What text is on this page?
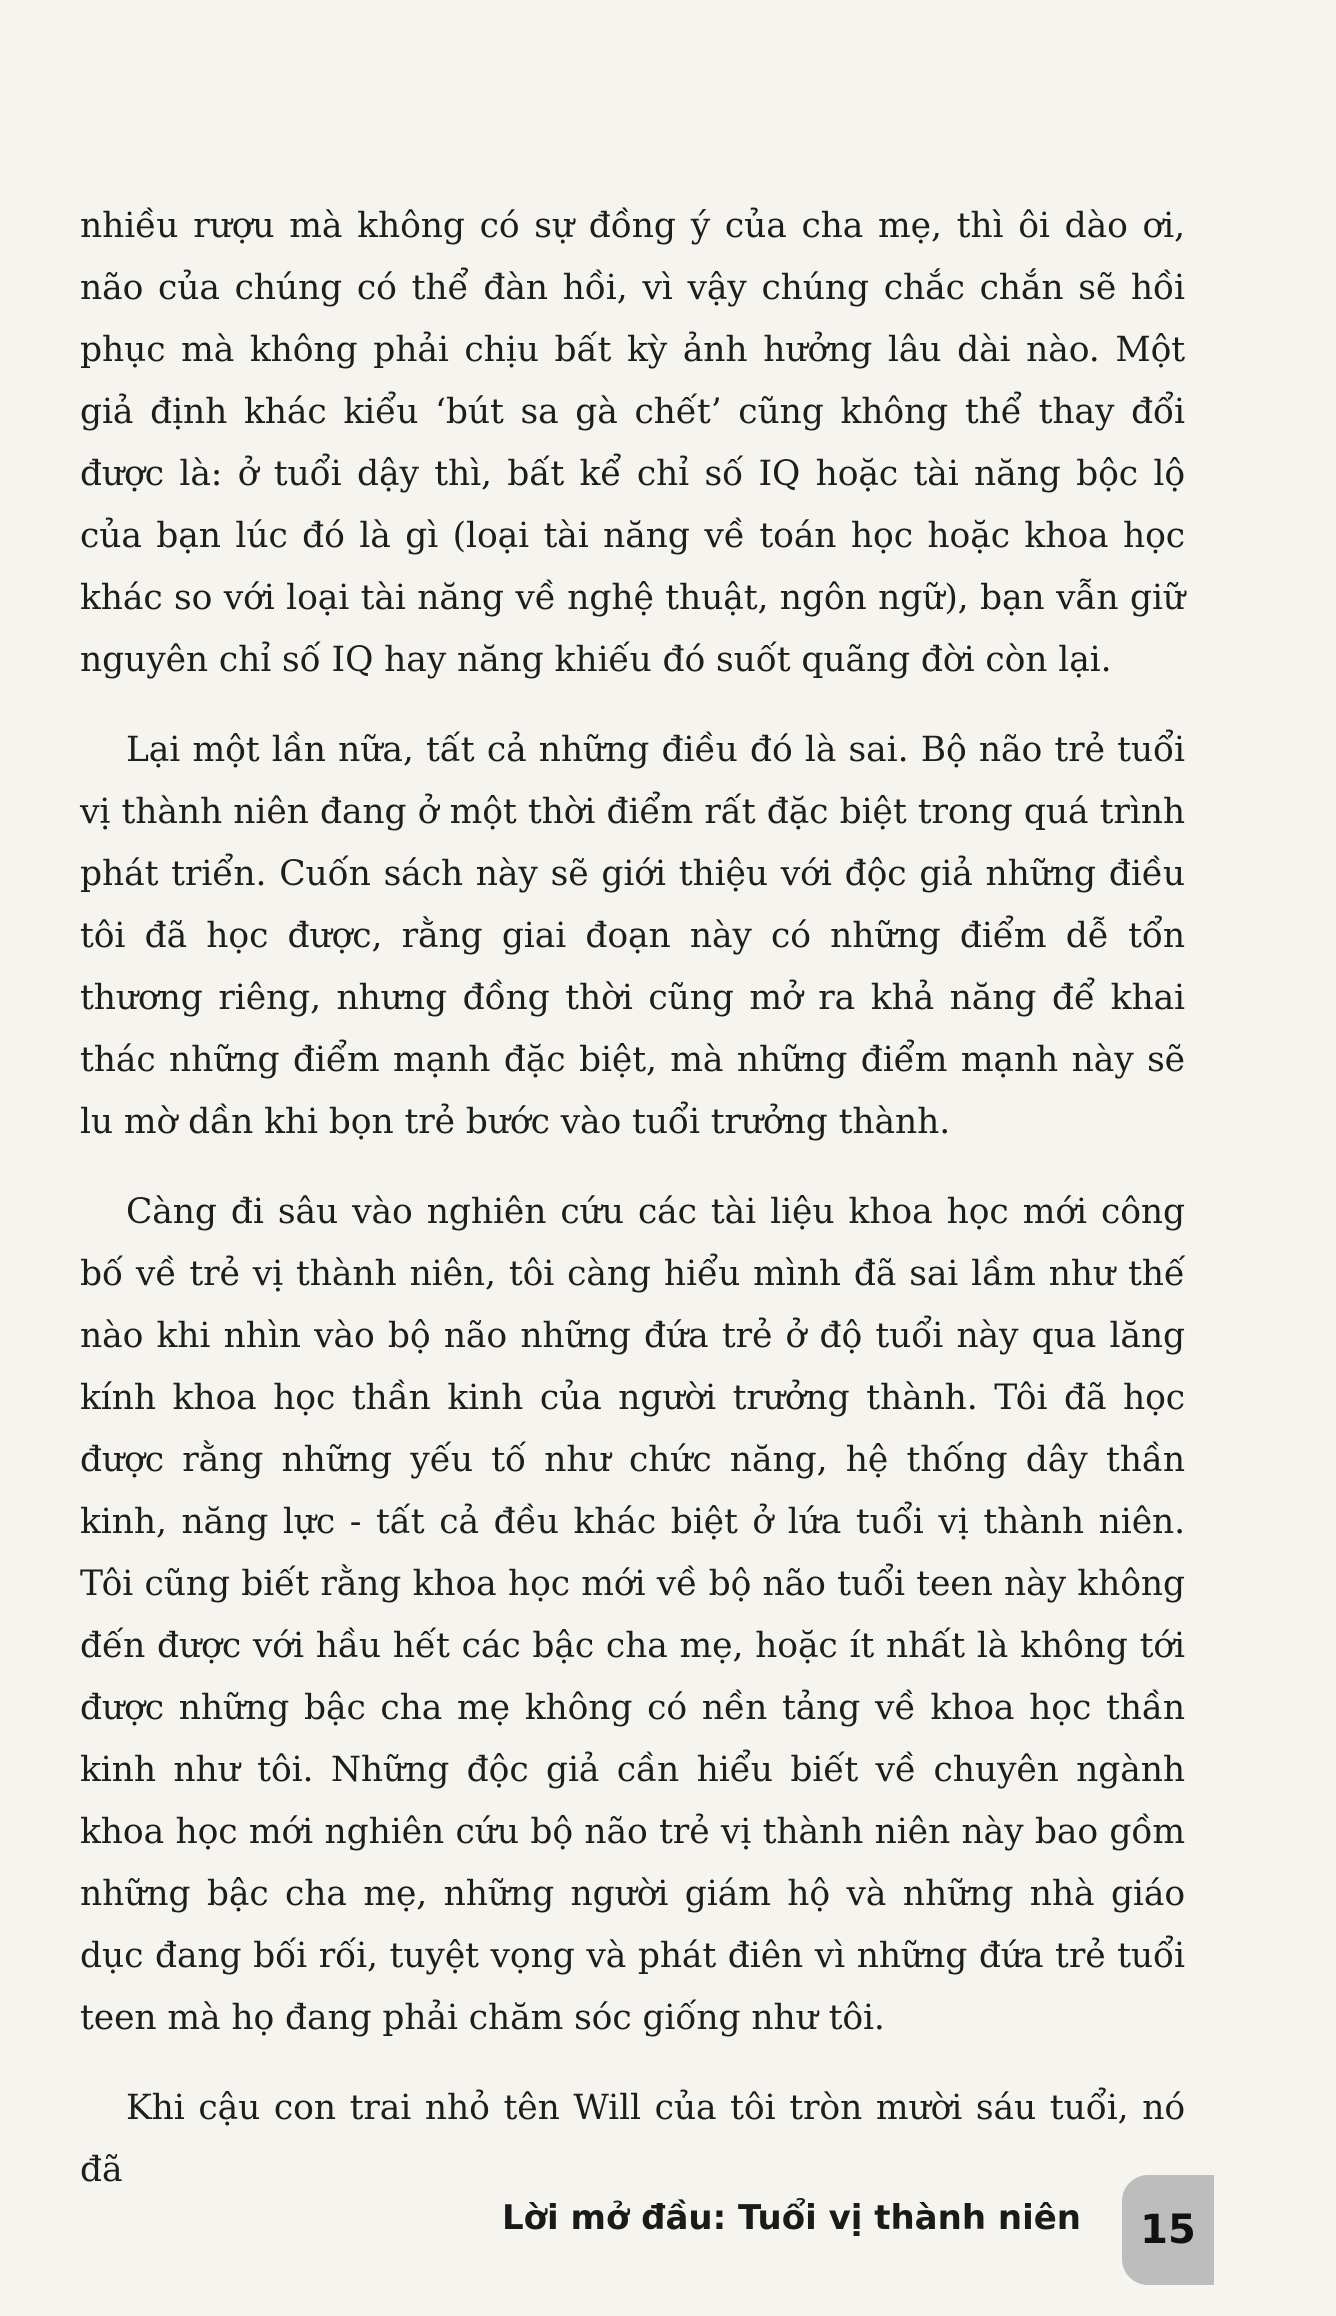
nhiều rượu mà không có sự đồng ý của cha mẹ, thì ôi dào ơi, não của chúng có thể đàn hồi, vì vậy chúng chắc chắn sẽ hồi phục mà không phải chịu bất kỳ ảnh hưởng lâu dài nào. Một giả định khác kiểu ‘bút sa gà chết’ cũng không thể thay đổi được là: ở tuổi dậy thì, bất kể chỉ số IQ hoặc tài năng bộc lộ của bạn lúc đó là gì (loại tài năng về toán học hoặc khoa học khác so với loại tài năng về nghệ thuật, ngôn ngữ), bạn vẫn giữ nguyên chỉ số IQ hay năng khiếu đó suốt quãng đời còn lại.

Lại một lần nữa, tất cả những điều đó là sai. Bộ não trẻ tuổi vị thành niên đang ở một thời điểm rất đặc biệt trong quá trình phát triển. Cuốn sách này sẽ giới thiệu với độc giả những điều tôi đã học được, rằng giai đoạn này có những điểm dễ tổn thương riêng, nhưng đồng thời cũng mở ra khả năng để khai thác những điểm mạnh đặc biệt, mà những điểm mạnh này sẽ lu mờ dần khi bọn trẻ bước vào tuổi trưởng thành.

Càng đi sâu vào nghiên cứu các tài liệu khoa học mới công bố về trẻ vị thành niên, tôi càng hiểu mình đã sai lầm như thế nào khi nhìn vào bộ não những đứa trẻ ở độ tuổi này qua lăng kính khoa học thần kinh của người trưởng thành. Tôi đã học được rằng những yếu tố như chức năng, hệ thống dây thần kinh, năng lực - tất cả đều khác biệt ở lứa tuổi vị thành niên. Tôi cũng biết rằng khoa học mới về bộ não tuổi teen này không đến được với hầu hết các bậc cha mẹ, hoặc ít nhất là không tới được những bậc cha mẹ không có nền tảng về khoa học thần kinh như tôi. Những độc giả cần hiểu biết về chuyên ngành khoa học mới nghiên cứu bộ não trẻ vị thành niên này bao gồm những bậc cha mẹ, những người giám hộ và những nhà giáo dục đang bối rối, tuyệt vọng và phát điên vì những đứa trẻ tuổi teen mà họ đang phải chăm sóc giống như tôi.

Khi cậu con trai nhỏ tên Will của tôi tròn mười sáu tuổi, nó đã

Lời mở đầu: Tuổi vị thành niên 15
